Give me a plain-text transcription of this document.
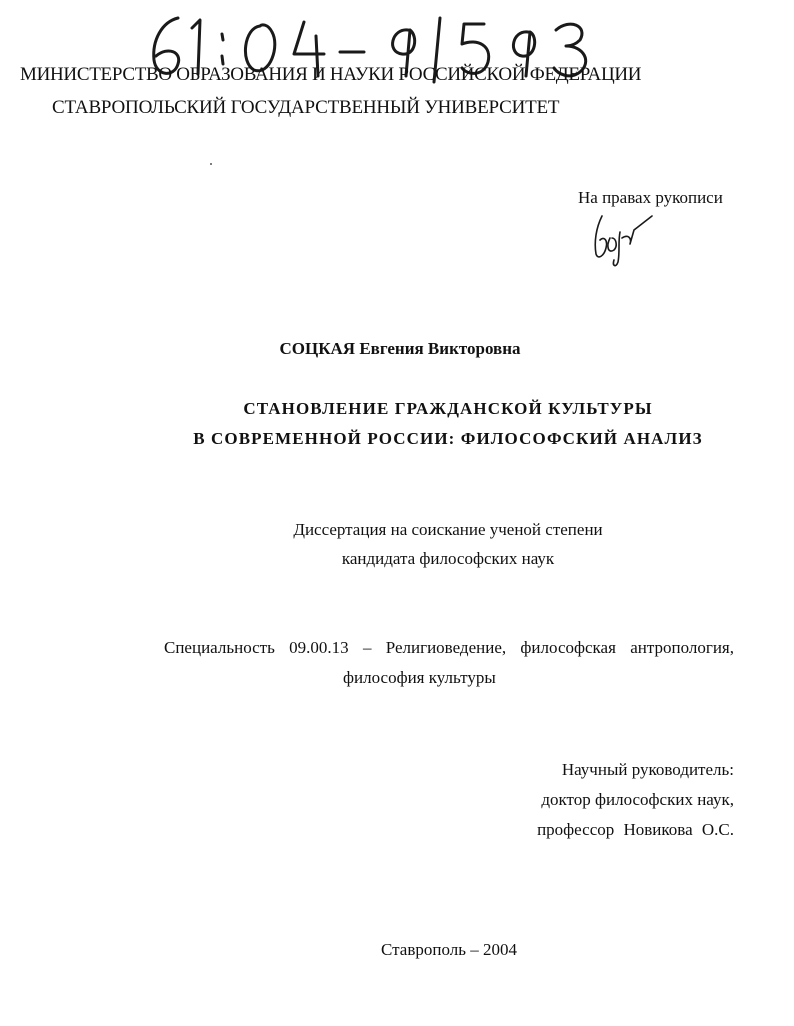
МИНИСТЕРСТВО ОБРАЗОВАНИЯ И НАУКИ РОССИЙСКОЙ ФЕДЕРАЦИИ
СТАВРОПОЛЬСКИЙ ГОСУДАРСТВЕННЫЙ УНИВЕРСИТЕТ
На правах рукописи
СОЦКАЯ Евгения Викторовна
СТАНОВЛЕНИЕ ГРАЖДАНСКОЙ КУЛЬТУРЫ
В СОВРЕМЕННОЙ РОССИИ: ФИЛОСОФСКИЙ АНАЛИЗ
Диссертация на соискание ученой степени
кандидата философских наук
Специальность 09.00.13 – Религиоведение, философская антропология,
философия культуры
Научный руководитель:
доктор философских наук,
профессор Новикова О.С.
Ставрополь – 2004
